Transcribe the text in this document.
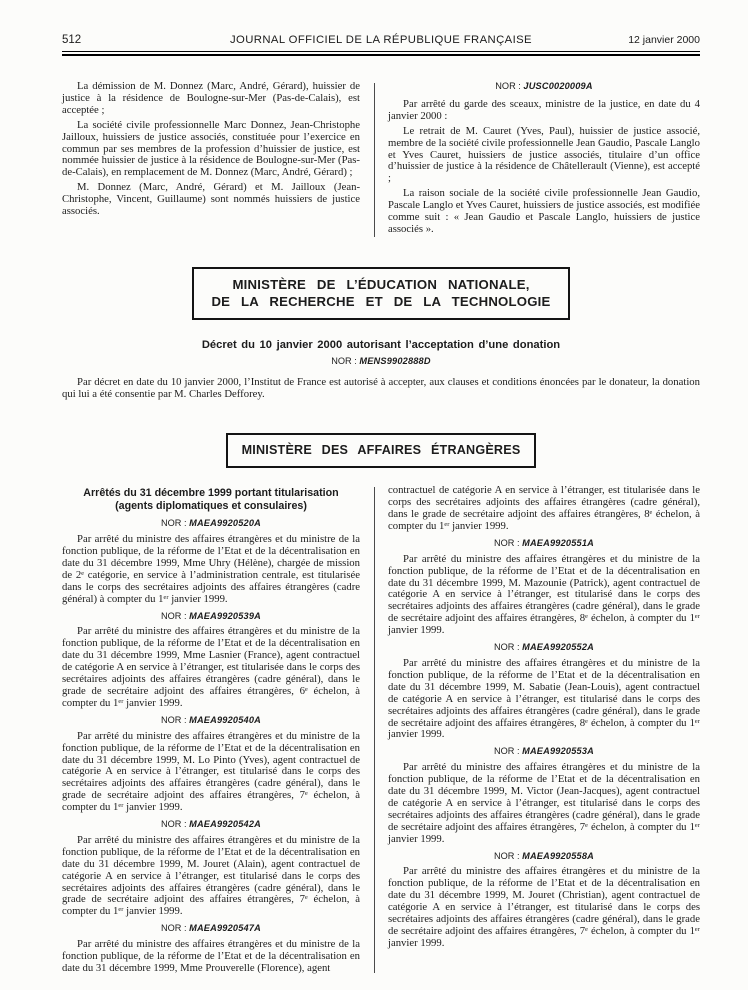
512	JOURNAL OFFICIEL DE LA RÉPUBLIQUE FRANÇAISE	12 janvier 2000

La démission de M. Donnez (Marc, André, Gérard), huissier de justice à la résidence de Boulogne-sur-Mer (Pas-de-Calais), est acceptée ;

La société civile professionnelle Marc Donnez, Jean-Christophe Jailloux, huissiers de justice associés, constituée pour l’exercice en commun par ses membres de la profession d’huissier de justice, est nommée huissier de justice à la résidence de Boulogne-sur-Mer (Pas-de-Calais), en remplacement de M. Donnez (Marc, André, Gérard) ;

M. Donnez (Marc, André, Gérard) et M. Jailloux (Jean-Christophe, Vincent, Guillaume) sont nommés huissiers de justice associés.

NOR : JUSC0020009A

Par arrêté du garde des sceaux, ministre de la justice, en date du 4 janvier 2000 :

Le retrait de M. Cauret (Yves, Paul), huissier de justice associé, membre de la société civile professionnelle Jean Gaudio, Pascale Langlo et Yves Cauret, huissiers de justice associés, titulaire d’un office d’huissier de justice à la résidence de Châtellerault (Vienne), est accepté ;

La raison sociale de la société civile professionnelle Jean Gaudio, Pascale Langlo et Yves Cauret, huissiers de justice associés, est modifiée comme suit : « Jean Gaudio et Pascale Langlo, huissiers de justice associés ».

MINISTÈRE DE L’ÉDUCATION NATIONALE,
DE LA RECHERCHE ET DE LA TECHNOLOGIE
Décret du 10 janvier 2000 autorisant l’acceptation d’une donation
NOR : MENS9902888D

Par décret en date du 10 janvier 2000, l’Institut de France est autorisé à accepter, aux clauses et conditions énoncées par le donateur, la donation qui lui a été consentie par M. Charles Defforey.

MINISTÈRE DES AFFAIRES ÉTRANGÈRES
Arrêtés du 31 décembre 1999 portant titularisation
(agents diplomatiques et consulaires)
NOR : MAEA9920520A

Par arrêté du ministre des affaires étrangères et du ministre de la fonction publique, de la réforme de l’Etat et de la décentralisation en date du 31 décembre 1999, Mme Uhry (Hélène), chargée de mission de 2ᵉ catégorie, en service à l’administration centrale, est titularisée dans le corps des secrétaires adjoints des affaires étrangères (cadre général) à compter du 1ᵉʳ janvier 1999.

NOR : MAEA9920539A

Par arrêté du ministre des affaires étrangères et du ministre de la fonction publique, de la réforme de l’Etat et de la décentralisation en date du 31 décembre 1999, Mme Lasnier (France), agent contractuel de catégorie A en service à l’étranger, est titularisée dans le corps des secrétaires adjoints des affaires étrangères (cadre général), dans le grade de secrétaire adjoint des affaires étrangères, 6ᵉ échelon, à compter du 1ᵉʳ janvier 1999.

NOR : MAEA9920540A

Par arrêté du ministre des affaires étrangères et du ministre de la fonction publique, de la réforme de l’Etat et de la décentralisation en date du 31 décembre 1999, M. Lo Pinto (Yves), agent contractuel de catégorie A en service à l’étranger, est titularisé dans le corps des secrétaires adjoints des affaires étrangères (cadre général), dans le grade de secrétaire adjoint des affaires étrangères, 7ᵉ échelon, à compter du 1ᵉʳ janvier 1999.

NOR : MAEA9920542A

Par arrêté du ministre des affaires étrangères et du ministre de la fonction publique, de la réforme de l’Etat et de la décentralisation en date du 31 décembre 1999, M. Jouret (Alain), agent contractuel de catégorie A en service à l’étranger, est titularisé dans le corps des secrétaires adjoints des affaires étrangères (cadre général), dans le grade de secrétaire adjoint des affaires étrangères, 7ᵉ échelon, à compter du 1ᵉʳ janvier 1999.

NOR : MAEA9920547A

Par arrêté du ministre des affaires étrangères et du ministre de la fonction publique, de la réforme de l’Etat et de la décentralisation en date du 31 décembre 1999, Mme Prouverelle (Florence), agent

contractuel de catégorie A en service à l’étranger, est titularisée dans le corps des secrétaires adjoints des affaires étrangères (cadre général), dans le grade de secrétaire adjoint des affaires étrangères, 8ᵉ échelon, à compter du 1ᵉʳ janvier 1999.

NOR : MAEA9920551A

Par arrêté du ministre des affaires étrangères et du ministre de la fonction publique, de la réforme de l’Etat et de la décentralisation en date du 31 décembre 1999, M. Mazounie (Patrick), agent contractuel de catégorie A en service à l’étranger, est titularisé dans le corps des secrétaires adjoints des affaires étrangères (cadre général), dans le grade de secrétaire adjoint des affaires étrangères, 8ᵉ échelon, à compter du 1ᵉʳ janvier 1999.

NOR : MAEA9920552A

Par arrêté du ministre des affaires étrangères et du ministre de la fonction publique, de la réforme de l’Etat et de la décentralisation en date du 31 décembre 1999, M. Sabatie (Jean-Louis), agent contractuel de catégorie A en service à l’étranger, est titularisé dans le corps des secrétaires adjoints des affaires étrangères (cadre général), dans le grade de secrétaire adjoint des affaires étrangères, 8ᵉ échelon, à compter du 1ᵉʳ janvier 1999.

NOR : MAEA9920553A

Par arrêté du ministre des affaires étrangères et du ministre de la fonction publique, de la réforme de l’Etat et de la décentralisation en date du 31 décembre 1999, M. Victor (Jean-Jacques), agent contractuel de catégorie A en service à l’étranger, est titularisé dans le corps des secrétaires adjoints des affaires étrangères (cadre général), dans le grade de secrétaire adjoint des affaires étrangères, 7ᵉ échelon, à compter du 1ᵉʳ janvier 1999.

NOR : MAEA9920558A

Par arrêté du ministre des affaires étrangères et du ministre de la fonction publique, de la réforme de l’Etat et de la décentralisation en date du 31 décembre 1999, M. Jouret (Christian), agent contractuel de catégorie A en service à l’étranger, est titularisé dans le corps des secrétaires adjoints des affaires étrangères (cadre général), dans le grade de secrétaire adjoint des affaires étrangères, 7ᵉ échelon, à compter du 1ᵉʳ janvier 1999.
